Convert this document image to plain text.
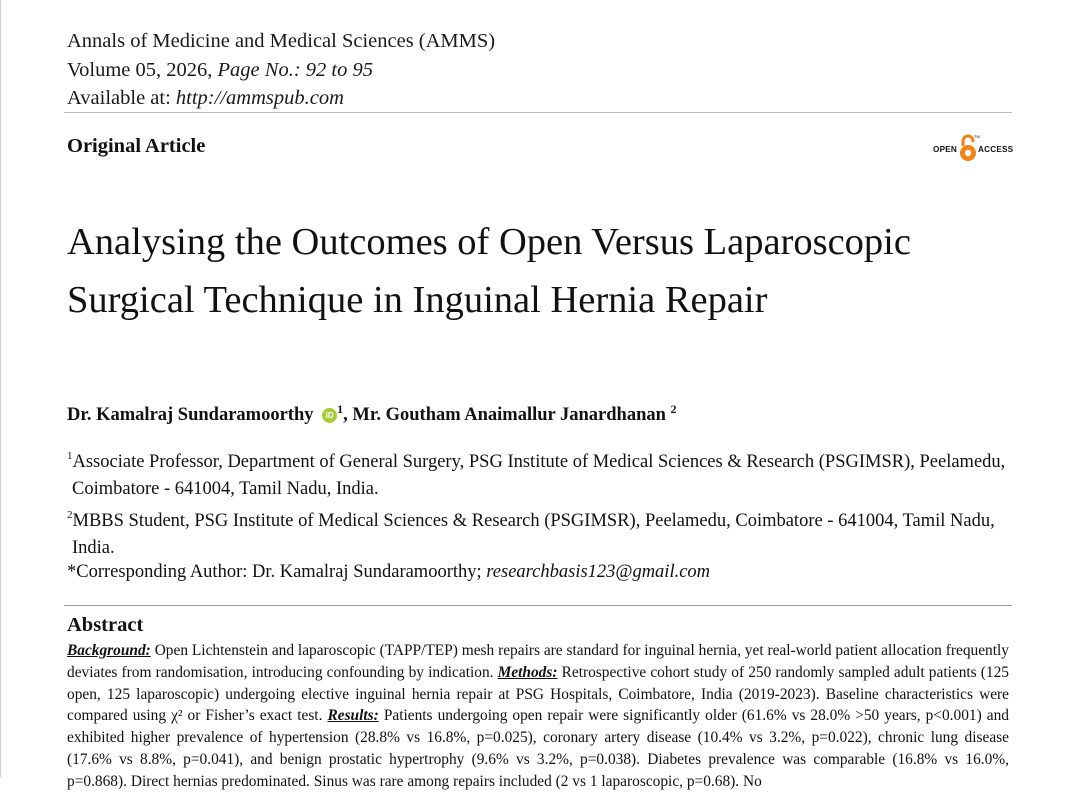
Annals of Medicine and Medical Sciences (AMMS)
Volume 05, 2026, Page No.: 92 to 95
Available at: http://ammspub.com
Original Article	OPEN
TM
ACCESS
Analysing the Outcomes of Open Versus Laparoscopic Surgical Technique in Inguinal Hernia Repair
Dr. Kamalraj Sundaramoorthy iD $^1$, Mr. Goutham Anaimallur Janardhanan $^2$

$^1$Associate Professor, Department of General Surgery, PSG Institute of Medical Sciences & Research (PSGIMSR), Peelamedu, Coimbatore - 641004, Tamil Nadu, India.

$^2$MBBS Student, PSG Institute of Medical Sciences & Research (PSGIMSR), Peelamedu, Coimbatore - 641004, Tamil Nadu, India.

*Corresponding Author: Dr. Kamalraj Sundaramoorthy; researchbasis123@gmail.com
Abstract
Background: Open Lichtenstein and laparoscopic (TAPP/TEP) mesh repairs are standard for inguinal hernia, yet real-world patient allocation frequently deviates from randomisation, introducing confounding by indication. Methods: Retrospective cohort study of 250 randomly sampled adult patients (125 open, 125 laparoscopic) undergoing elective inguinal hernia repair at PSG Hospitals, Coimbatore, India (2019-2023). Baseline characteristics were compared using χ² or Fisher’s exact test. Results: Patients undergoing open repair were significantly older (61.6% vs 28.0% >50 years, p<0.001) and exhibited higher prevalence of hypertension (28.8% vs 16.8%, p=0.025), coronary artery disease (10.4% vs 3.2%, p=0.022), chronic lung disease (17.6% vs 8.8%, p=0.041), and benign prostatic hypertrophy (9.6% vs 3.2%, p=0.038). Diabetes prevalence was comparable (16.8% vs 16.0%, p=0.868). Direct hernias predominated. Sinus was rare among repairs included (2 vs 1 laparoscopic, p=0.68). No
